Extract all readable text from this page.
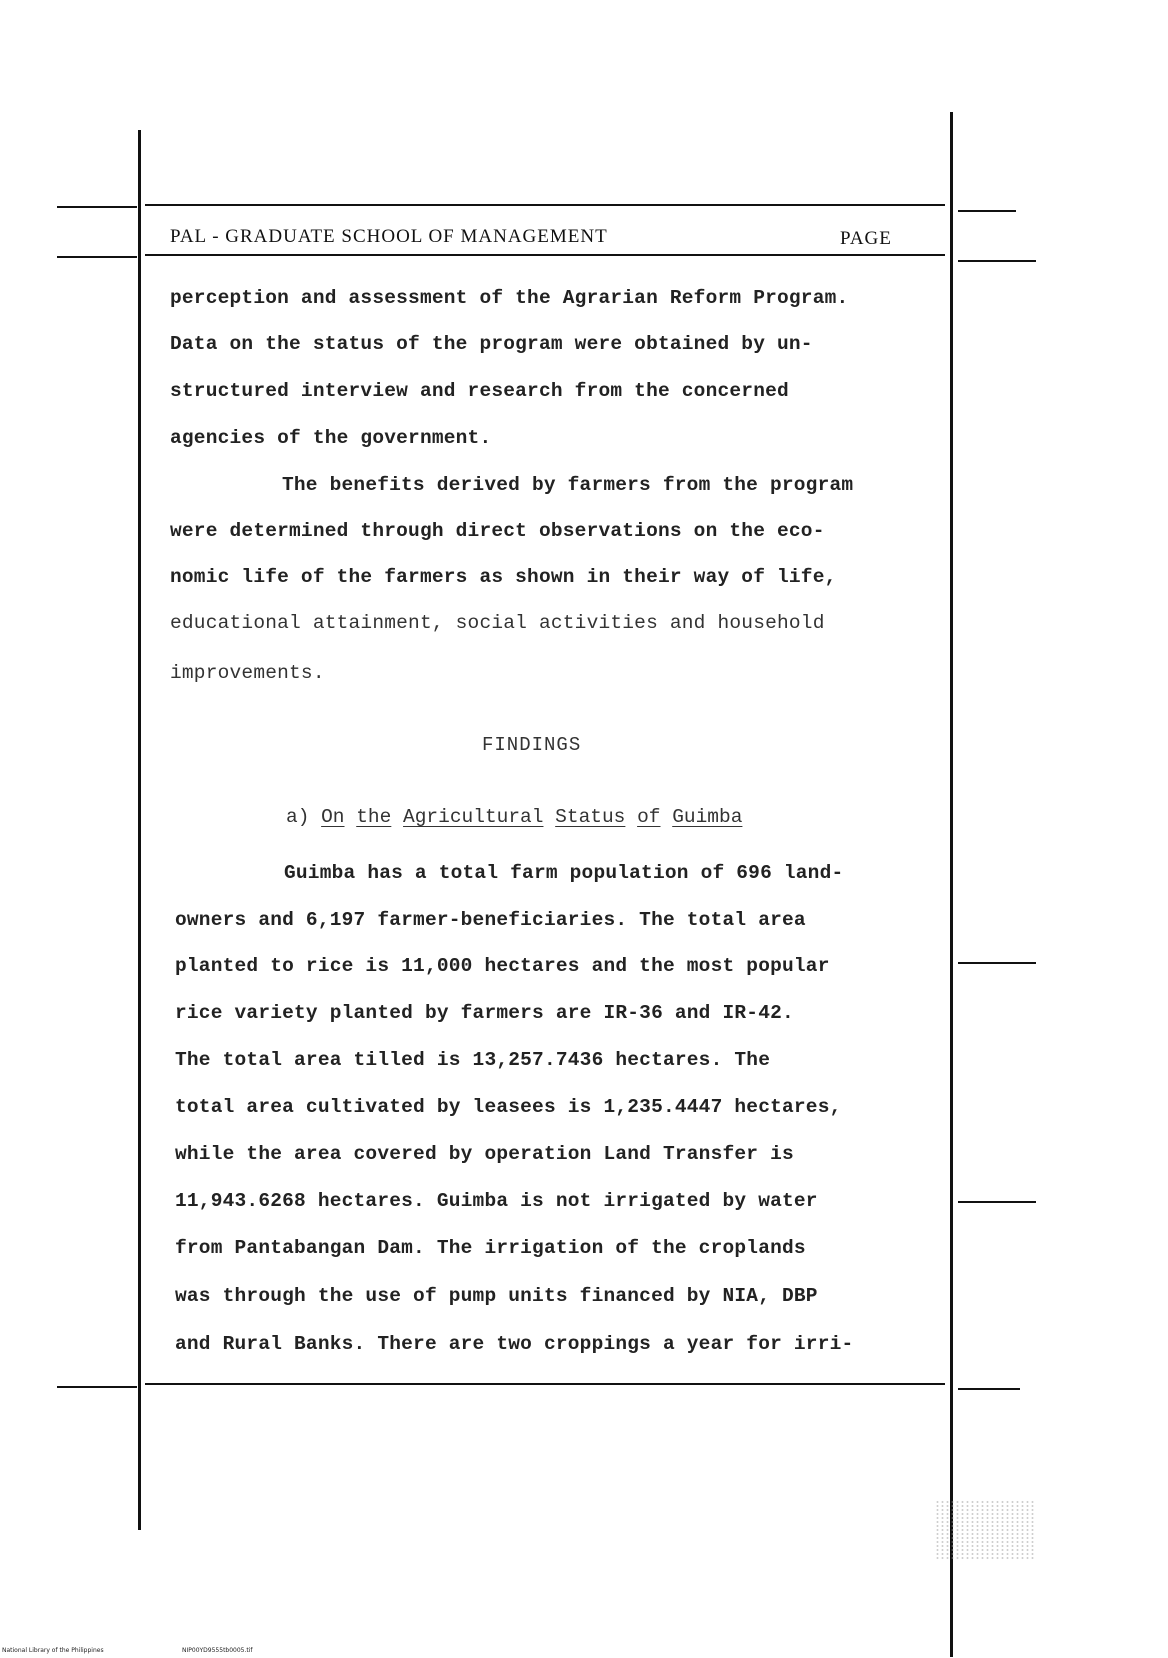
PAL - GRADUATE SCHOOL OF MANAGEMENT	PAGE
perception and assessment of the Agrarian Reform Program.
Data on the status of the program were obtained by un-
structured interview and research from the concerned
agencies of the government.
The benefits derived by farmers from the program
were determined through direct observations on the eco-
nomic life of the farmers as shown in their way of life,
educational attainment, social activities and household
improvements.
FINDINGS
a) On the Agricultural Status of Guimba
Guimba has a total farm population of 696 land-
owners and 6,197 farmer-beneficiaries. The total area
planted to rice is 11,000 hectares and the most popular
rice variety planted by farmers are IR-36 and IR-42.
The total area tilled is 13,257.7436 hectares. The
total area cultivated by leasees is 1,235.4447 hectares,
while the area covered by operation Land Transfer is
11,943.6268 hectares. Guimba is not irrigated by water
from Pantabangan Dam. The irrigation of the croplands
was through the use of pump units financed by NIA, DBP
and Rural Banks. There are two croppings a year for irri-
National Library of the Philippines	NIP00YD9555tb0005.tif
